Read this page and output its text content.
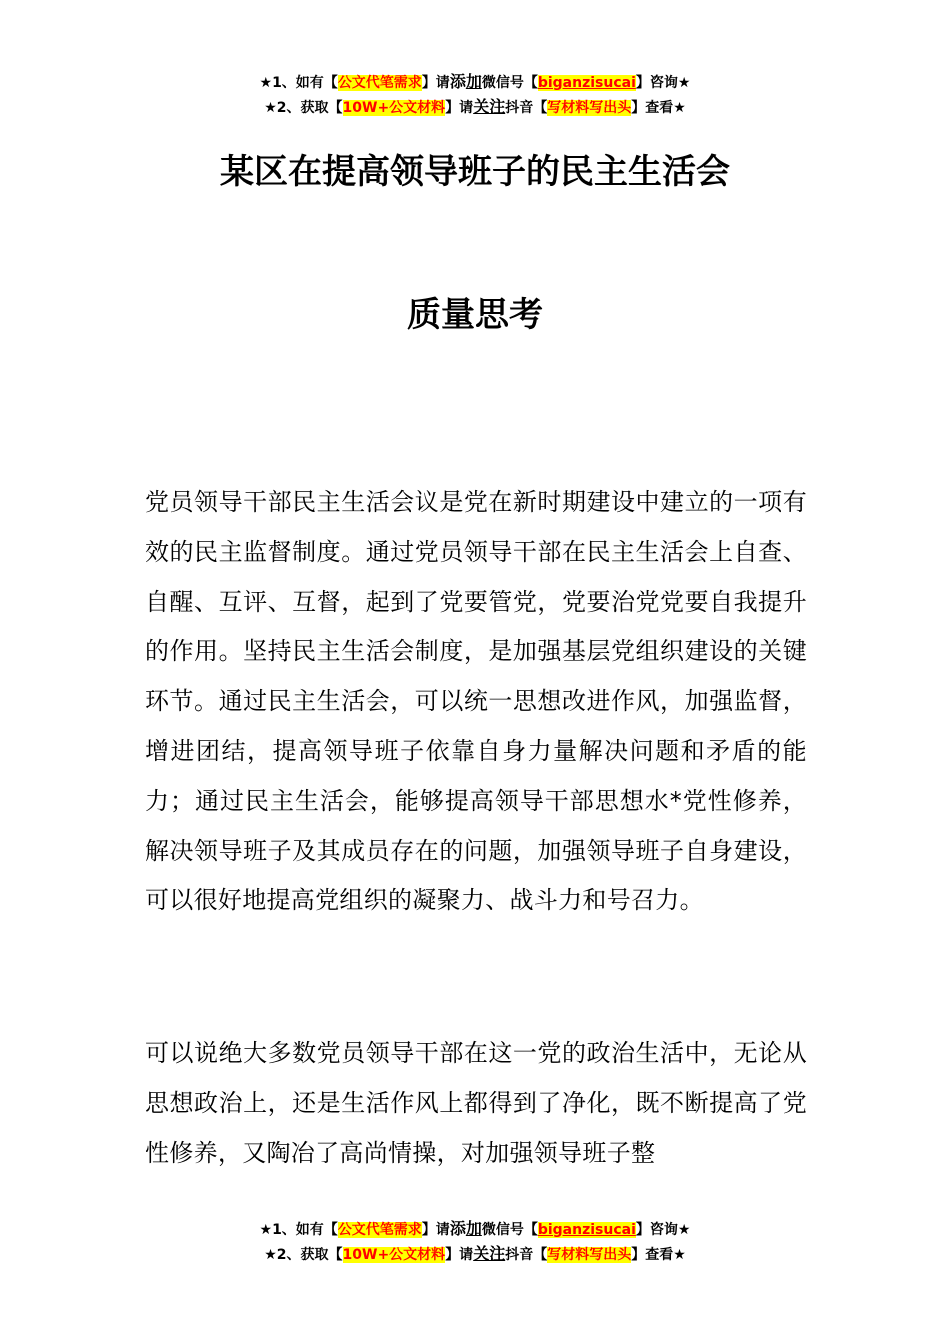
★1、如有【公文代笔需求】请添加微信号【biganzisucai】咨询★
★2、获取【10W+公文材料】请关注抖音【写材料写出头】查看★
某区在提高领导班子的民主生活会
质量思考

党员领导干部民主生活会议是党在新时期建设中建立的一项有效的民主监督制度。通过党员领导干部在民主生活会上自查、自醒、互评、互督，起到了党要管党，党要治党党要自我提升的作用。坚持民主生活会制度，是加强基层党组织建设的关键环节。通过民主生活会，可以统一思想改进作风，加强监督，增进团结，提高领导班子依靠自身力量解决问题和矛盾的能力；通过民主生活会，能够提高领导干部思想水*党性修养，解决领导班子及其成员存在的问题，加强领导班子自身建设，可以很好地提高党组织的凝聚力、战斗力和号召力。

可以说绝大多数党员领导干部在这一党的政治生活中，无论从思想政治上，还是生活作风上都得到了净化，既不断提高了党性修养，又陶冶了高尚情操，对加强领导班子整

★1、如有【公文代笔需求】请添加微信号【biganzisucai】咨询★
★2、获取【10W+公文材料】请关注抖音【写材料写出头】查看★
